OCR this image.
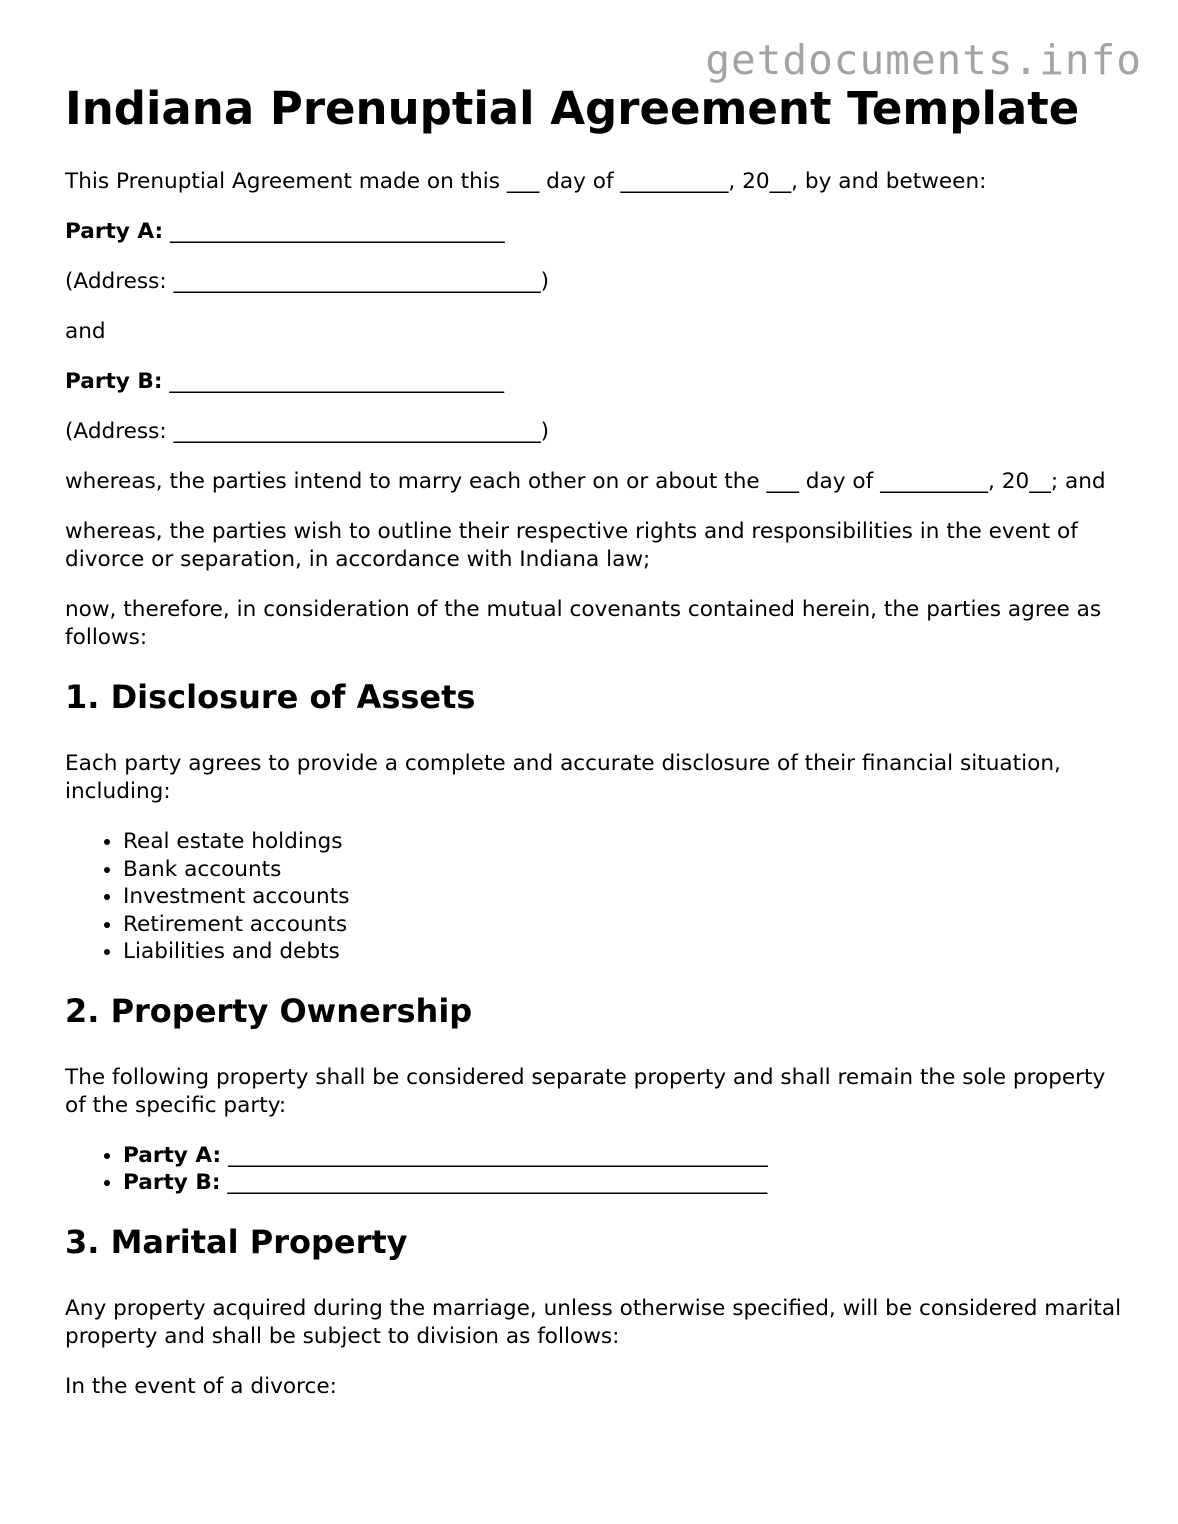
getdocuments.info
Indiana Prenuptial Agreement Template

This Prenuptial Agreement made on this ___ day of __________, 20__, by and between:

Party A: _______________________________

(Address: __________________________________)

and

Party B: _______________________________

(Address: __________________________________)

whereas, the parties intend to marry each other on or about the ___ day of __________, 20__; and

whereas, the parties wish to outline their respective rights and responsibilities in the event of divorce or separation, in accordance with Indiana law;

now, therefore, in consideration of the mutual covenants contained herein, the parties agree as follows:

1. Disclosure of Assets

Each party agrees to provide a complete and accurate disclosure of their financial situation, including:

• Real estate holdings
• Bank accounts
• Investment accounts
• Retirement accounts
• Liabilities and debts
2. Property Ownership

The following property shall be considered separate property and shall remain the sole property of the specific party:

• Party A: __________________________________________________
• Party B: __________________________________________________
3. Marital Property

Any property acquired during the marriage, unless otherwise specified, will be considered marital property and shall be subject to division as follows:

In the event of a divorce:
